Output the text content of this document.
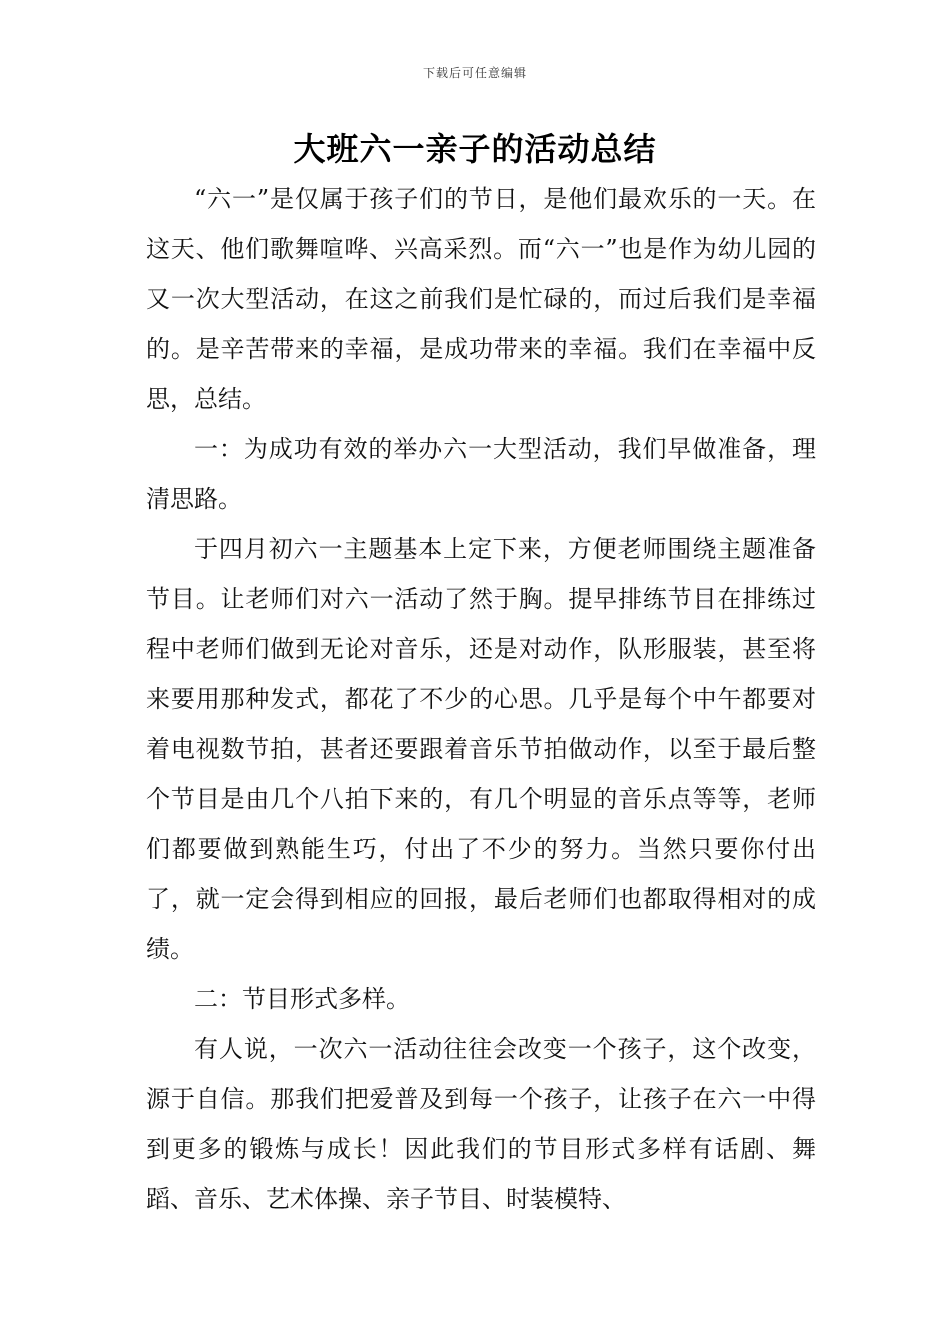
下载后可任意编辑
大班六一亲子的活动总结

“六一”是仅属于孩子们的节日，是他们最欢乐的一天。在这天、他们歌舞喧哗、兴高采烈。而“六一”也是作为幼儿园的又一次大型活动，在这之前我们是忙碌的，而过后我们是幸福的。是辛苦带来的幸福，是成功带来的幸福。我们在幸福中反思，总结。

一：为成功有效的举办六一大型活动，我们早做准备，理清思路。

于四月初六一主题基本上定下来，方便老师围绕主题准备节目。让老师们对六一活动了然于胸。提早排练节目在排练过程中老师们做到无论对音乐，还是对动作，队形服装，甚至将来要用那种发式，都花了不少的心思。几乎是每个中午都要对着电视数节拍，甚者还要跟着音乐节拍做动作，以至于最后整个节目是由几个八拍下来的，有几个明显的音乐点等等，老师们都要做到熟能生巧，付出了不少的努力。当然只要你付出了，就一定会得到相应的回报，最后老师们也都取得相对的成绩。

二：节目形式多样。

有人说，一次六一活动往往会改变一个孩子，这个改变，源于自信。那我们把爱普及到每一个孩子，让孩子在六一中得到更多的锻炼与成长！因此我们的节目形式多样有话剧、舞蹈、音乐、艺术体操、亲子节目、时装模特、
